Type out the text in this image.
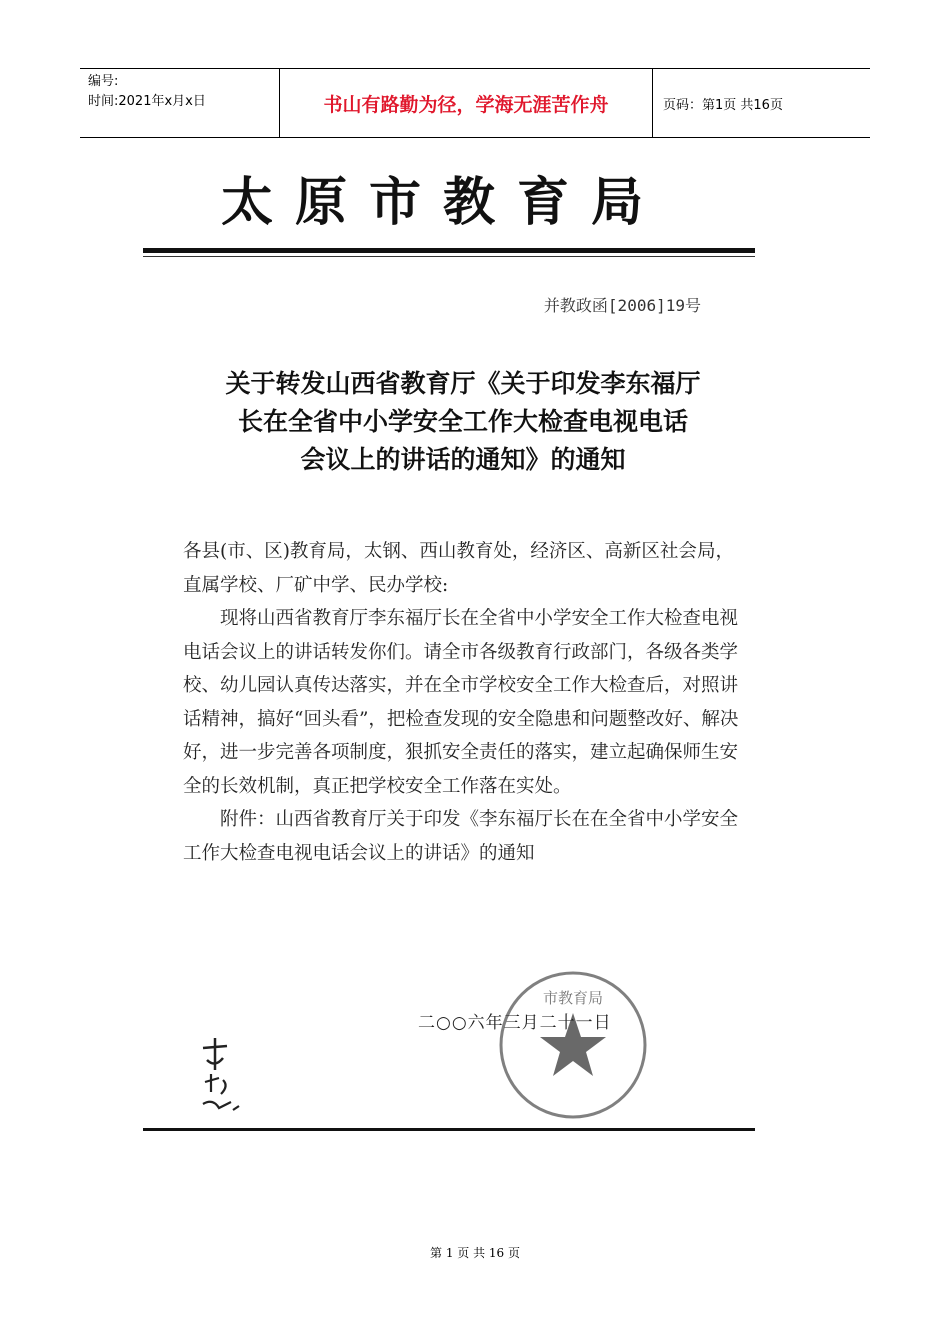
编号:
时间:2021年x月x日	书山有路勤为径，学海无涯苦作舟	页码：第1页 共16页
太原市教育局
并教政函[2006]19号
关于转发山西省教育厅《关于印发李东福厅
长在全省中小学安全工作大检查电视电话
会议上的讲话的通知》的通知

各县(市、区)教育局，太钢、西山教育处，经济区、高新区社会局，直属学校、厂矿中学、民办学校:

现将山西省教育厅李东福厅长在全省中小学安全工作大检查电视电话会议上的讲话转发你们。请全市各级教育行政部门，各级各类学校、幼儿园认真传达落实，并在全市学校安全工作大检查后，对照讲话精神，搞好“回头看”，把检查发现的安全隐患和问题整改好、解决好，进一步完善各项制度，狠抓安全责任的落实，建立起确保师生安全的长效机制，真正把学校安全工作落在实处。

附件：山西省教育厅关于印发《李东福厅长在在全省中小学安全工作大检查电视电话会议上的讲话》的通知

市教育局
二○○六年三月二十一日
第 1 页 共 16 页
